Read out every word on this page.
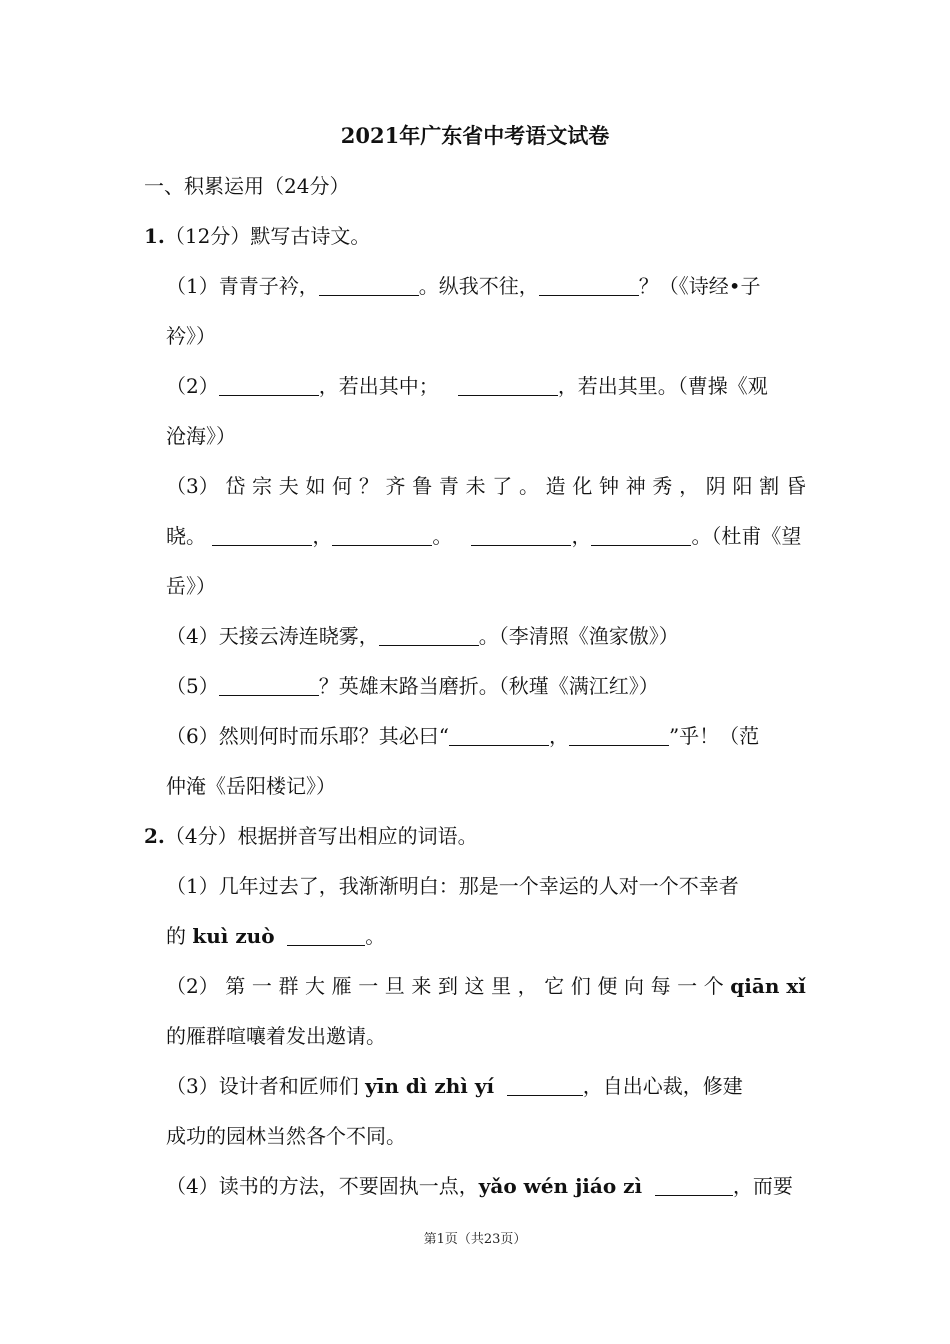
2021年广东省中考语文试卷
一、积累运用（24分）
1.（12分）默写古诗文。
（1）青青子衿，	。纵我不往，	？（《诗经•子
衿》）
（2）	，若出其中；	，若出其里。（曹操《观
沧海》）
（3） 岱 宗 夫 如 何 ？ 齐 鲁 青 未 了 。 造 化 钟 神 秀 ， 阴 阳 割 昏
晓。	，	。	，	。（杜甫《望
岳》）
（4）天接云涛连晓雾，	。（李清照《渔家傲》）
（5）	？英雄末路当磨折。（秋瑾《满江红》）
（6）然则何时而乐耶？其必曰“	，	”乎！（范
仲淹《岳阳楼记》）
2.（4分）根据拼音写出相应的词语。
（1）几年过去了，我渐渐明白：那是一个幸运的人对一个不幸者
的 kuì zuò	。
（2） 第 一 群 大 雁 一 旦 来 到 这 里 ， 它 们 便 向 每 一 个 qiān xǐ
的雁群喧嚷着发出邀请。
（3）设计者和匠师们 yīn dì zhì yí	，自出心裁，修建
成功的园林当然各个不同。
（4）读书的方法，不要固执一点，yǎo wén jiáo zì	，而要
第1页（共23页）
